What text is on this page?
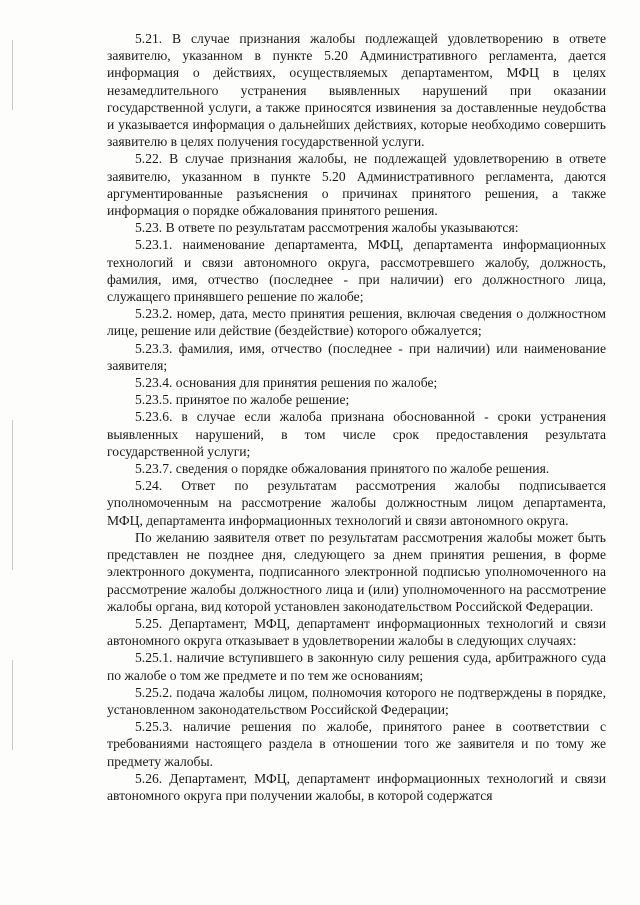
5.21. В случае признания жалобы подлежащей удовлетворению в ответе заявителю, указанном в пункте 5.20 Административного регламента, дается информация о действиях, осуществляемых департаментом, МФЦ в целях незамедлительного устранения выявленных нарушений при оказании государственной услуги, а также приносятся извинения за доставленные неудобства и указывается информация о дальнейших действиях, которые необходимо совершить заявителю в целях получения государственной услуги.

5.22. В случае признания жалобы, не подлежащей удовлетворению в ответе заявителю, указанном в пункте 5.20 Административного регламента, даются аргументированные разъяснения о причинах принятого решения, а также информация о порядке обжалования принятого решения.

5.23. В ответе по результатам рассмотрения жалобы указываются:

5.23.1. наименование департамента, МФЦ, департамента информационных технологий и связи автономного округа, рассмотревшего жалобу, должность, фамилия, имя, отчество (последнее - при наличии) его должностного лица, служащего принявшего решение по жалобе;

5.23.2. номер, дата, место принятия решения, включая сведения о должностном лице, решение или действие (бездействие) которого обжалуется;

5.23.3. фамилия, имя, отчество (последнее - при наличии) или наименование заявителя;

5.23.4. основания для принятия решения по жалобе;

5.23.5. принятое по жалобе решение;

5.23.6. в случае если жалоба признана обоснованной - сроки устранения выявленных нарушений, в том числе срок предоставления результата государственной услуги;

5.23.7. сведения о порядке обжалования принятого по жалобе решения.

5.24. Ответ по результатам рассмотрения жалобы подписывается уполномоченным на рассмотрение жалобы должностным лицом департамента, МФЦ, департамента информационных технологий и связи автономного округа.

По желанию заявителя ответ по результатам рассмотрения жалобы может быть представлен не позднее дня, следующего за днем принятия решения, в форме электронного документа, подписанного электронной подписью уполномоченного на рассмотрение жалобы должностного лица и (или) уполномоченного на рассмотрение жалобы органа, вид которой установлен законодательством Российской Федерации.

5.25. Департамент, МФЦ, департамент информационных технологий и связи автономного округа отказывает в удовлетворении жалобы в следующих случаях:

5.25.1. наличие вступившего в законную силу решения суда, арбитражного суда по жалобе о том же предмете и по тем же основаниям;

5.25.2. подача жалобы лицом, полномочия которого не подтверждены в порядке, установленном законодательством Российской Федерации;

5.25.3. наличие решения по жалобе, принятого ранее в соответствии с требованиями настоящего раздела в отношении того же заявителя и по тому же предмету жалобы.

5.26. Департамент, МФЦ, департамент информационных технологий и связи автономного округа при получении жалобы, в которой содержатся
